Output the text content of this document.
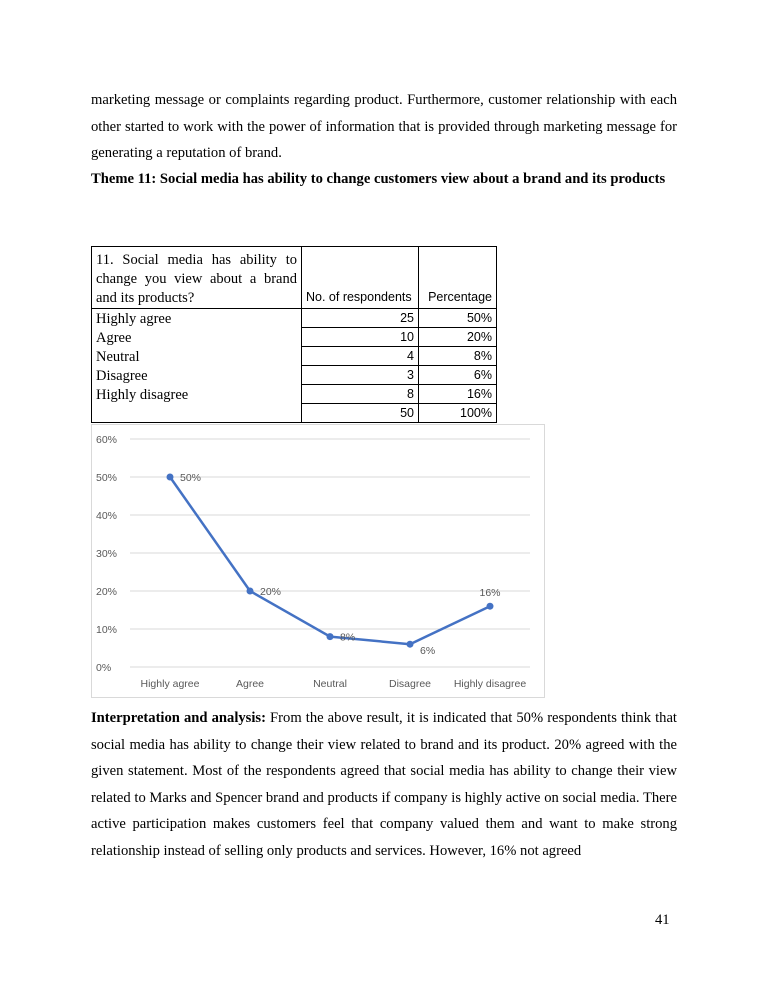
marketing message or complaints regarding product. Furthermore, customer relationship with each other started to work with the power of information that is provided through marketing message for generating a reputation of brand.

Theme 11: Social media has ability to change customers view about a brand and its products
11. Social media has ability to change you view about a brand and its products?	No. of respondents	Percentage
Highly agree	25	50%
Agree	10	20%
Neutral	4	8%
Disagree	3	6%
Highly disagree	8	16%
	50	100%
0%
10%
20%
30%
40%
50%
60%
Highly agree	Agree	Neutral	Disagree Highly disagree
50%
20%
8%
6%
16%

Interpretation and analysis: From the above result, it is indicated that 50% respondents think that social media has ability to change their view related to brand and its product. 20% agreed with the given statement. Most of the respondents agreed that social media has ability to change their view related to Marks and Spencer brand and products if company is highly active on social media. There active participation makes customers feel that company valued them and want to make strong relationship instead of selling only products and services. However, 16% not agreed

41
